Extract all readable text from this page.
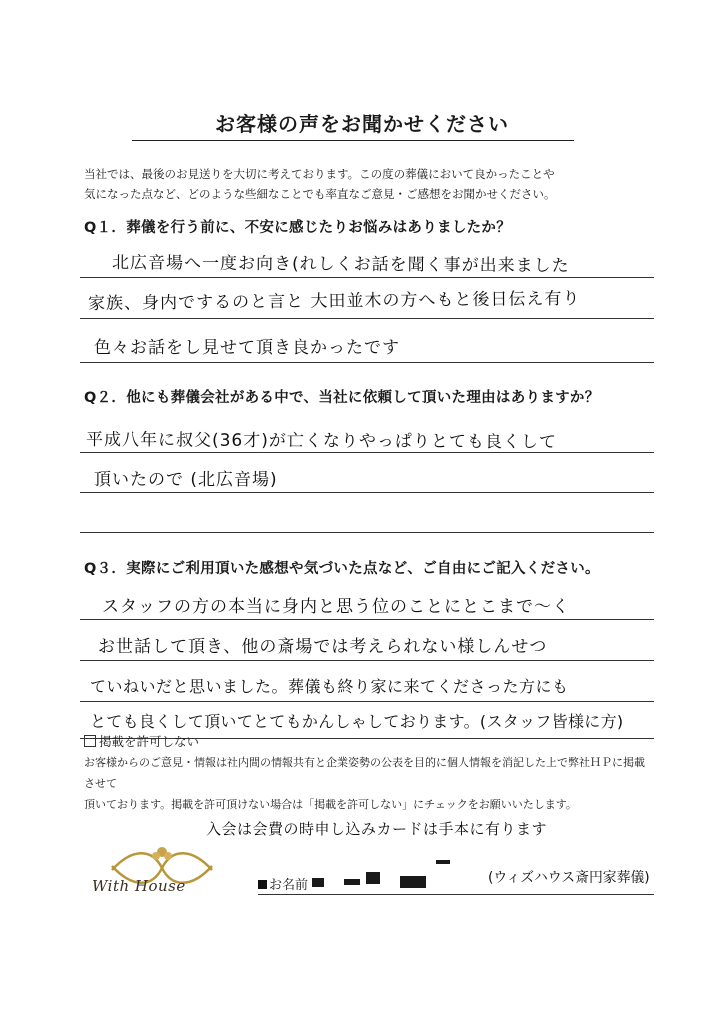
お客様の声をお聞かせください
当社では、最後のお見送りを大切に考えております。この度の葬儀において良かったことや
気になった点など、どのような些細なことでも率直なご意見・ご感想をお聞かせください。
Q１．葬儀を行う前に、不安に感じたりお悩みはありましたか？
北広音場へ一度お向き(れしくお話を聞く事が出来ました
家族、身内でするのと言と 大田並木の方へもと後日伝え有り
色々お話をし見せて頂き良かったです
Q２．他にも葬儀会社がある中で、当社に依頼して頂いた理由はありますか？
平成八年に叔父(36才)が亡くなりやっぱりとても良くして
頂いたので (北広音場)
Q３．実際にご利用頂いた感想や気づいた点など、ご自由にご記入ください。
スタッフの方の本当に身内と思う位のことにとこまで〜く
お世話して頂き、他の斎場では考えられない様しんせつ
ていねいだと思いました。葬儀も終り家に来てくださった方にも
とても良くして頂いてとてもかんしゃしております。(スタッフ皆様に方)
掲載を許可しない
お客様からのご意見・情報は社内間の情報共有と企業姿勢の公表を目的に個人情報を消記した上で弊社ＨＰに掲載させて
頂いております。掲載を許可頂けない場合は「掲載を許可しない」にチェックをお願いいたします。
入会は会費の時申し込みカードは手本に有ります
With House	お名前	(ウィズハウス斎円家葬儀)
